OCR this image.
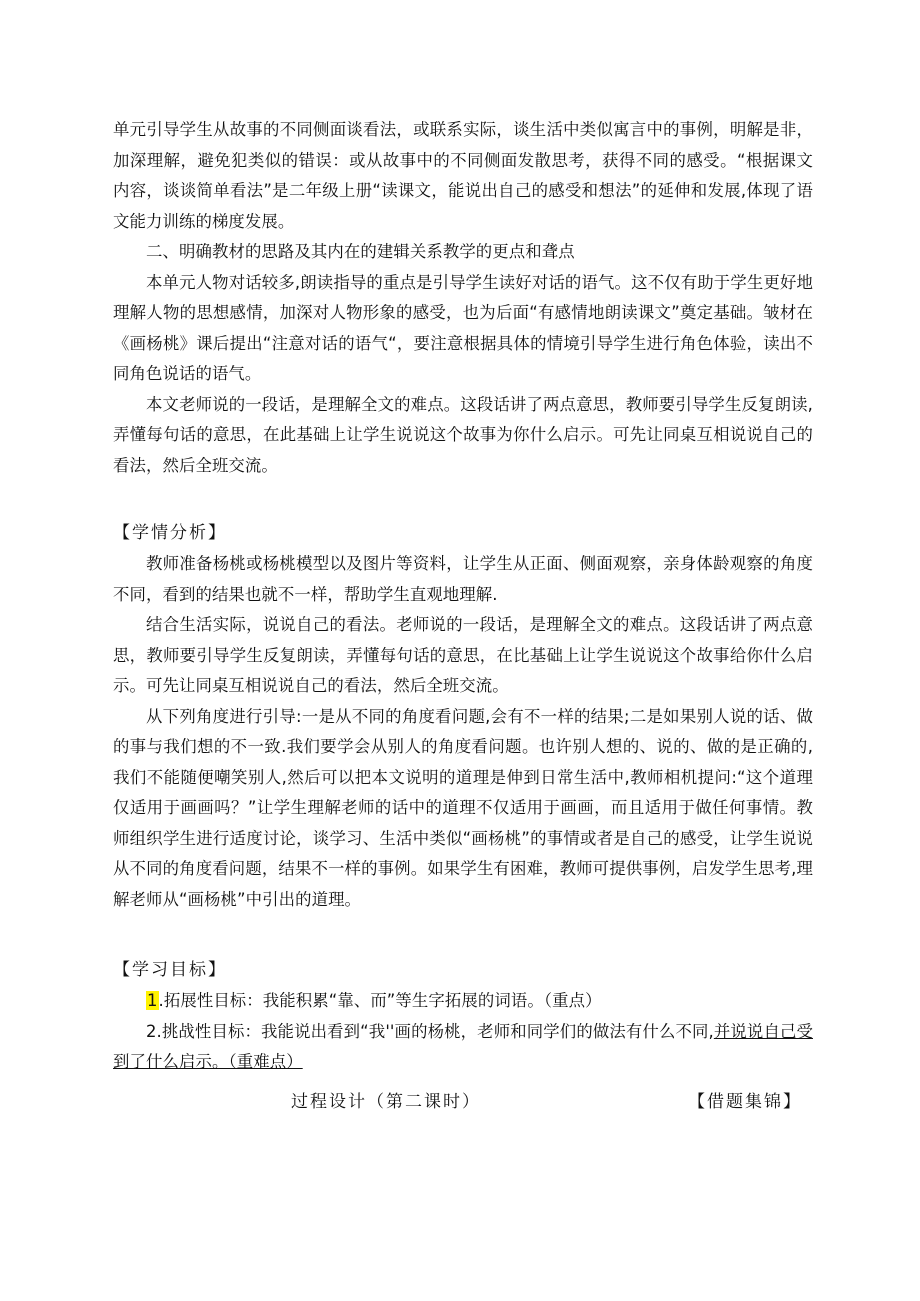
单元引导学生从故事的不同侧面谈看法，或联系实际，谈生活中类似寓言中的事例，明解是非，加深理解，避免犯类似的错误：或从故事中的不同侧面发散思考，获得不同的感受。“根据课文内容，谈谈简单看法”是二年级上册“读课文，能说出自己的感受和想法”的延伸和发展,体现了语文能力训练的梯度发展。

二、明确教材的思路及其内在的建辑关系教学的更点和聋点

本单元人物对话较多,朗读指导的重点是引导学生读好对话的语气。这不仅有助于学生更好地理解人物的思想感情，加深对人物形象的感受，也为后面“有感情地朗读课文”奠定基础。皱材在《画杨桃》课后提出“注意对话的语气“，要注意根据具体的情境引导学生进行角色体验，读出不同角色说话的语气。

本文老师说的一段话，是理解全文的难点。这段话讲了两点意思，教师要引导学生反复朗读,弄懂每句话的意思，在此基础上让学生说说这个故事为你什么启示。可先让同桌互相说说自己的看法，然后全班交流。

【学情分析】

教师准备杨桃或杨桃模型以及图片等资料，让学生从正面、侧面观察，亲身体龄观察的角度不同，看到的结果也就不一样，帮助学生直观地理解.

结合生活实际，说说自己的看法。老师说的一段话，是理解全文的难点。这段话讲了两点意思，教师要引导学生反复朗读，弄懂每句话的意思，在比基础上让学生说说这个故事给你什么启示。可先让同桌互相说说自己的看法，然后全班交流。

从下列角度进行引导:一是从不同的角度看问题,会有不一样的结果;二是如果别人说的话、做的事与我们想的不一致.我们要学会从别人的角度看问题。也许别人想的、说的、做的是正确的,我们不能随便嘲笑别人,然后可以把本文说明的道理是伸到日常生活中,教师相机提问:“这个道理仅适用于画画吗？”让学生理解老师的话中的道理不仅适用于画画，而且适用于做任何事情。教师组织学生进行适度讨论，谈学习、生活中类似“画杨桃”的事情或者是自己的感受，让学生说说从不同的角度看问题，结果不一样的事例。如果学生有困难，教师可提供事例，启发学生思考,理解老师从“画杨桃”中引出的道理。

【学习目标】

1.拓展性目标：我能积累“靠、而”等生字拓展的词语。（重点）

2.挑战性目标：我能说出看到“我''画的杨桃，老师和同学们的做法有什么不同,并说说自己受到了什么启示。（重难点）

过程设计（第二课时）	【借题集锦】
